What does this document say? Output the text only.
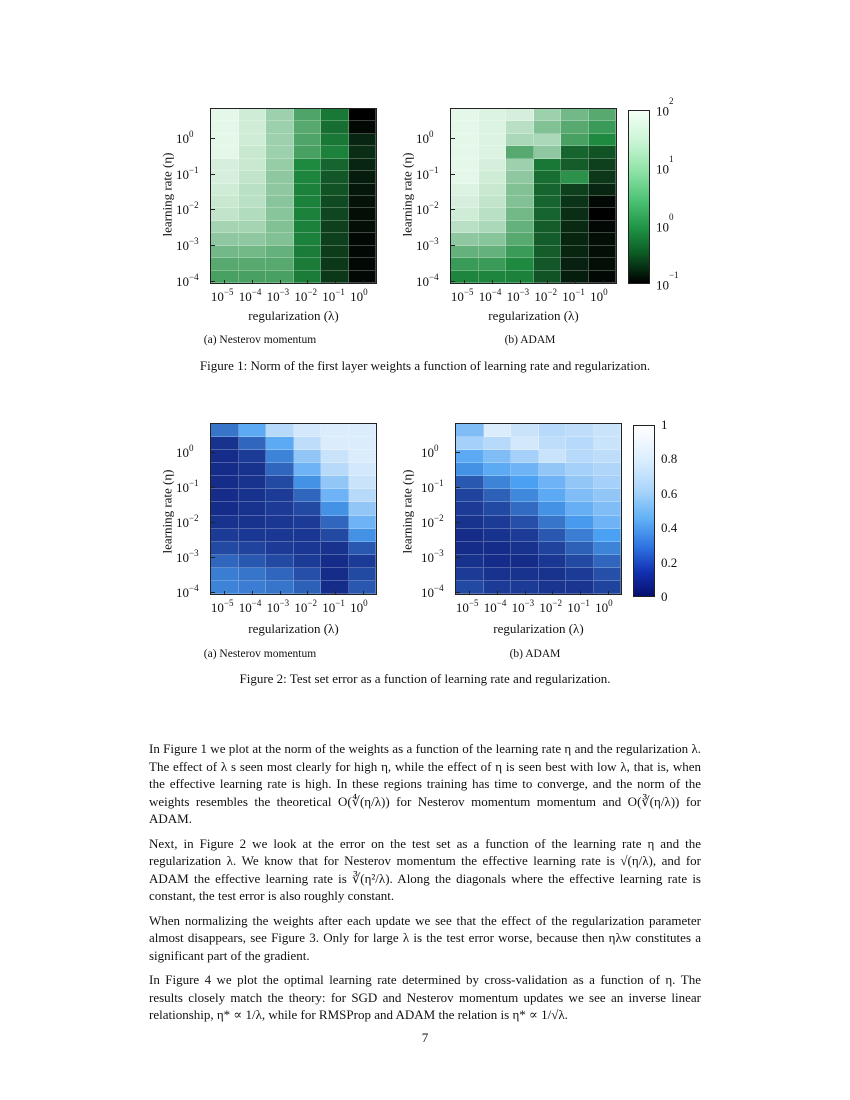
learning rate (η)
$10^0$
$10^{-1}$
$10^{-2}$
$10^{-3}$
$10^{-4}$
$10^{-5}$ $10^{-4}$ $10^{-3}$ $10^{-2}$ $10^{-1}$ $10^0$
regularization (λ)
(a) Nesterov momentum
learning rate (η)
$10^0$
$10^{-1}$
$10^{-2}$
$10^{-3}$
$10^{-4}$
$10^{-5}$ $10^{-4}$ $10^{-3}$ $10^{-2}$ $10^{-1}$ $10^0$
regularization (λ)
(b) ADAM
$10^2$
$10^1$
$10^0$
$10^{-1}$
Figure 1: Norm of the first layer weights a function of learning rate and regularization.
learning rate (η)
$10^0$
$10^{-1}$
$10^{-2}$
$10^{-3}$
$10^{-4}$
$10^{-5}$ $10^{-4}$ $10^{-3}$ $10^{-2}$ $10^{-1}$ $10^0$
regularization (λ)
(a) Nesterov momentum
learning rate (η)
$10^0$
$10^{-1}$
$10^{-2}$
$10^{-3}$
$10^{-4}$
$10^{-5}$ $10^{-4}$ $10^{-3}$ $10^{-2}$ $10^{-1}$ $10^0$
regularization (λ)
(b) ADAM
1
0.8
0.6
0.4
0.2
0
Figure 2: Test set error as a function of learning rate and regularization.

In Figure 1 we plot at the norm of the weights as a function of the learning rate η and the regularization λ. The effect of λ s seen most clearly for high η, while the effect of η is seen best with low λ, that is, when the effective learning rate is high. In these regions training has time to converge, and the norm of the weights resembles the theoretical O(∜(η/λ)) for Nesterov momentum momentum and O(∛(η/λ)) for ADAM.

Next, in Figure 2 we look at the error on the test set as a function of the learning rate η and the regularization λ. We know that for Nesterov momentum the effective learning rate is √(η/λ), and for ADAM the effective learning rate is ∛(η²/λ). Along the diagonals where the effective learning rate is constant, the test error is also roughly constant.

When normalizing the weights after each update we see that the effect of the regularization parameter almost disappears, see Figure 3. Only for large λ is the test error worse, because then ηλw constitutes a significant part of the gradient.

In Figure 4 we plot the optimal learning rate determined by cross-validation as a function of η. The results closely match the theory: for SGD and Nesterov momentum updates we see an inverse linear relationship, η* ∝ 1/λ, while for RMSProp and ADAM the relation is η* ∝ 1/√λ.

7
